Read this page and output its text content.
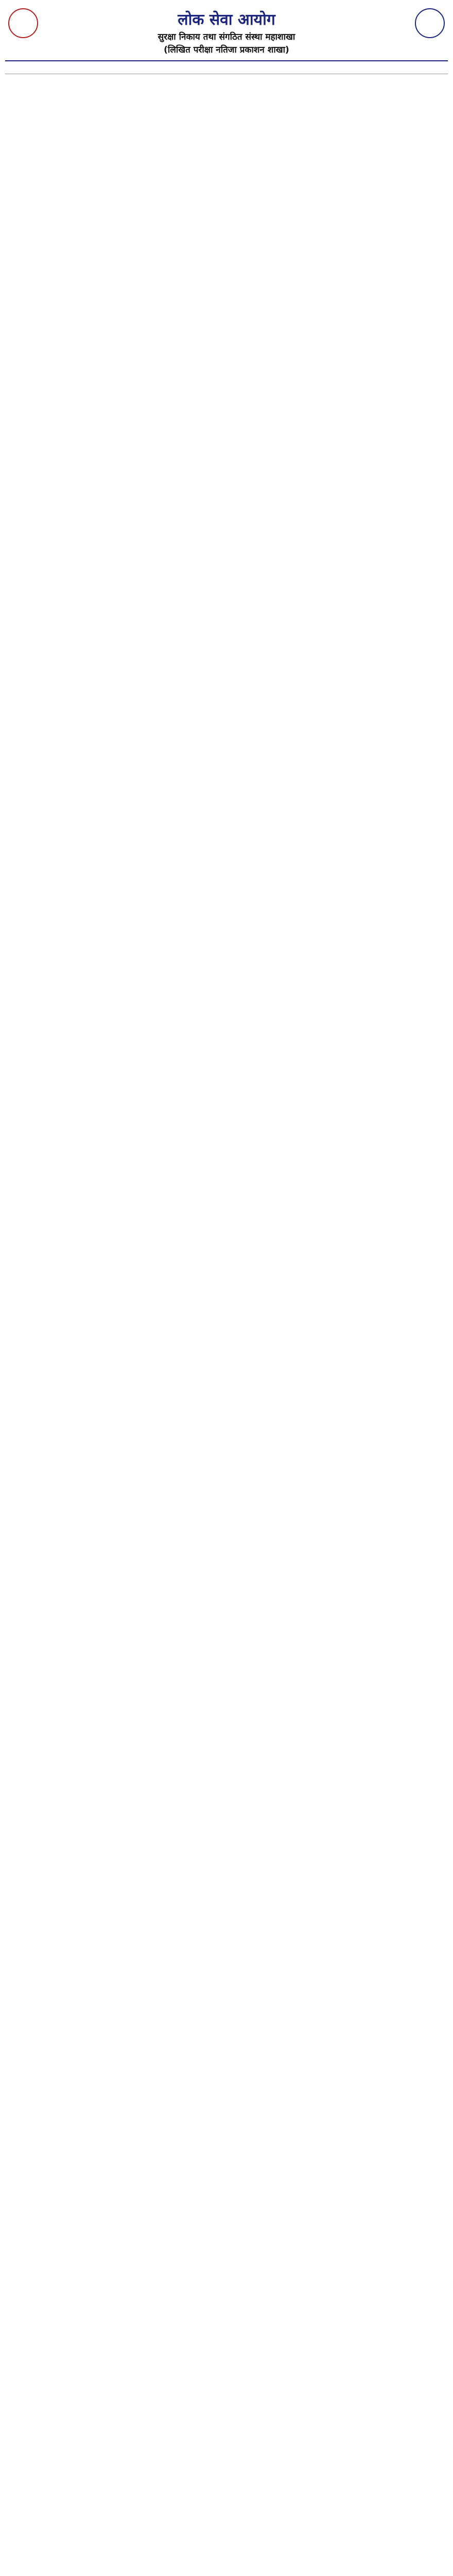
लोक सेवा आयोग

सुरक्षा निकाय तथा संगठित संस्था महाशाखा

(लिखित परीक्षा नतिजा प्रकाशन शाखा)
